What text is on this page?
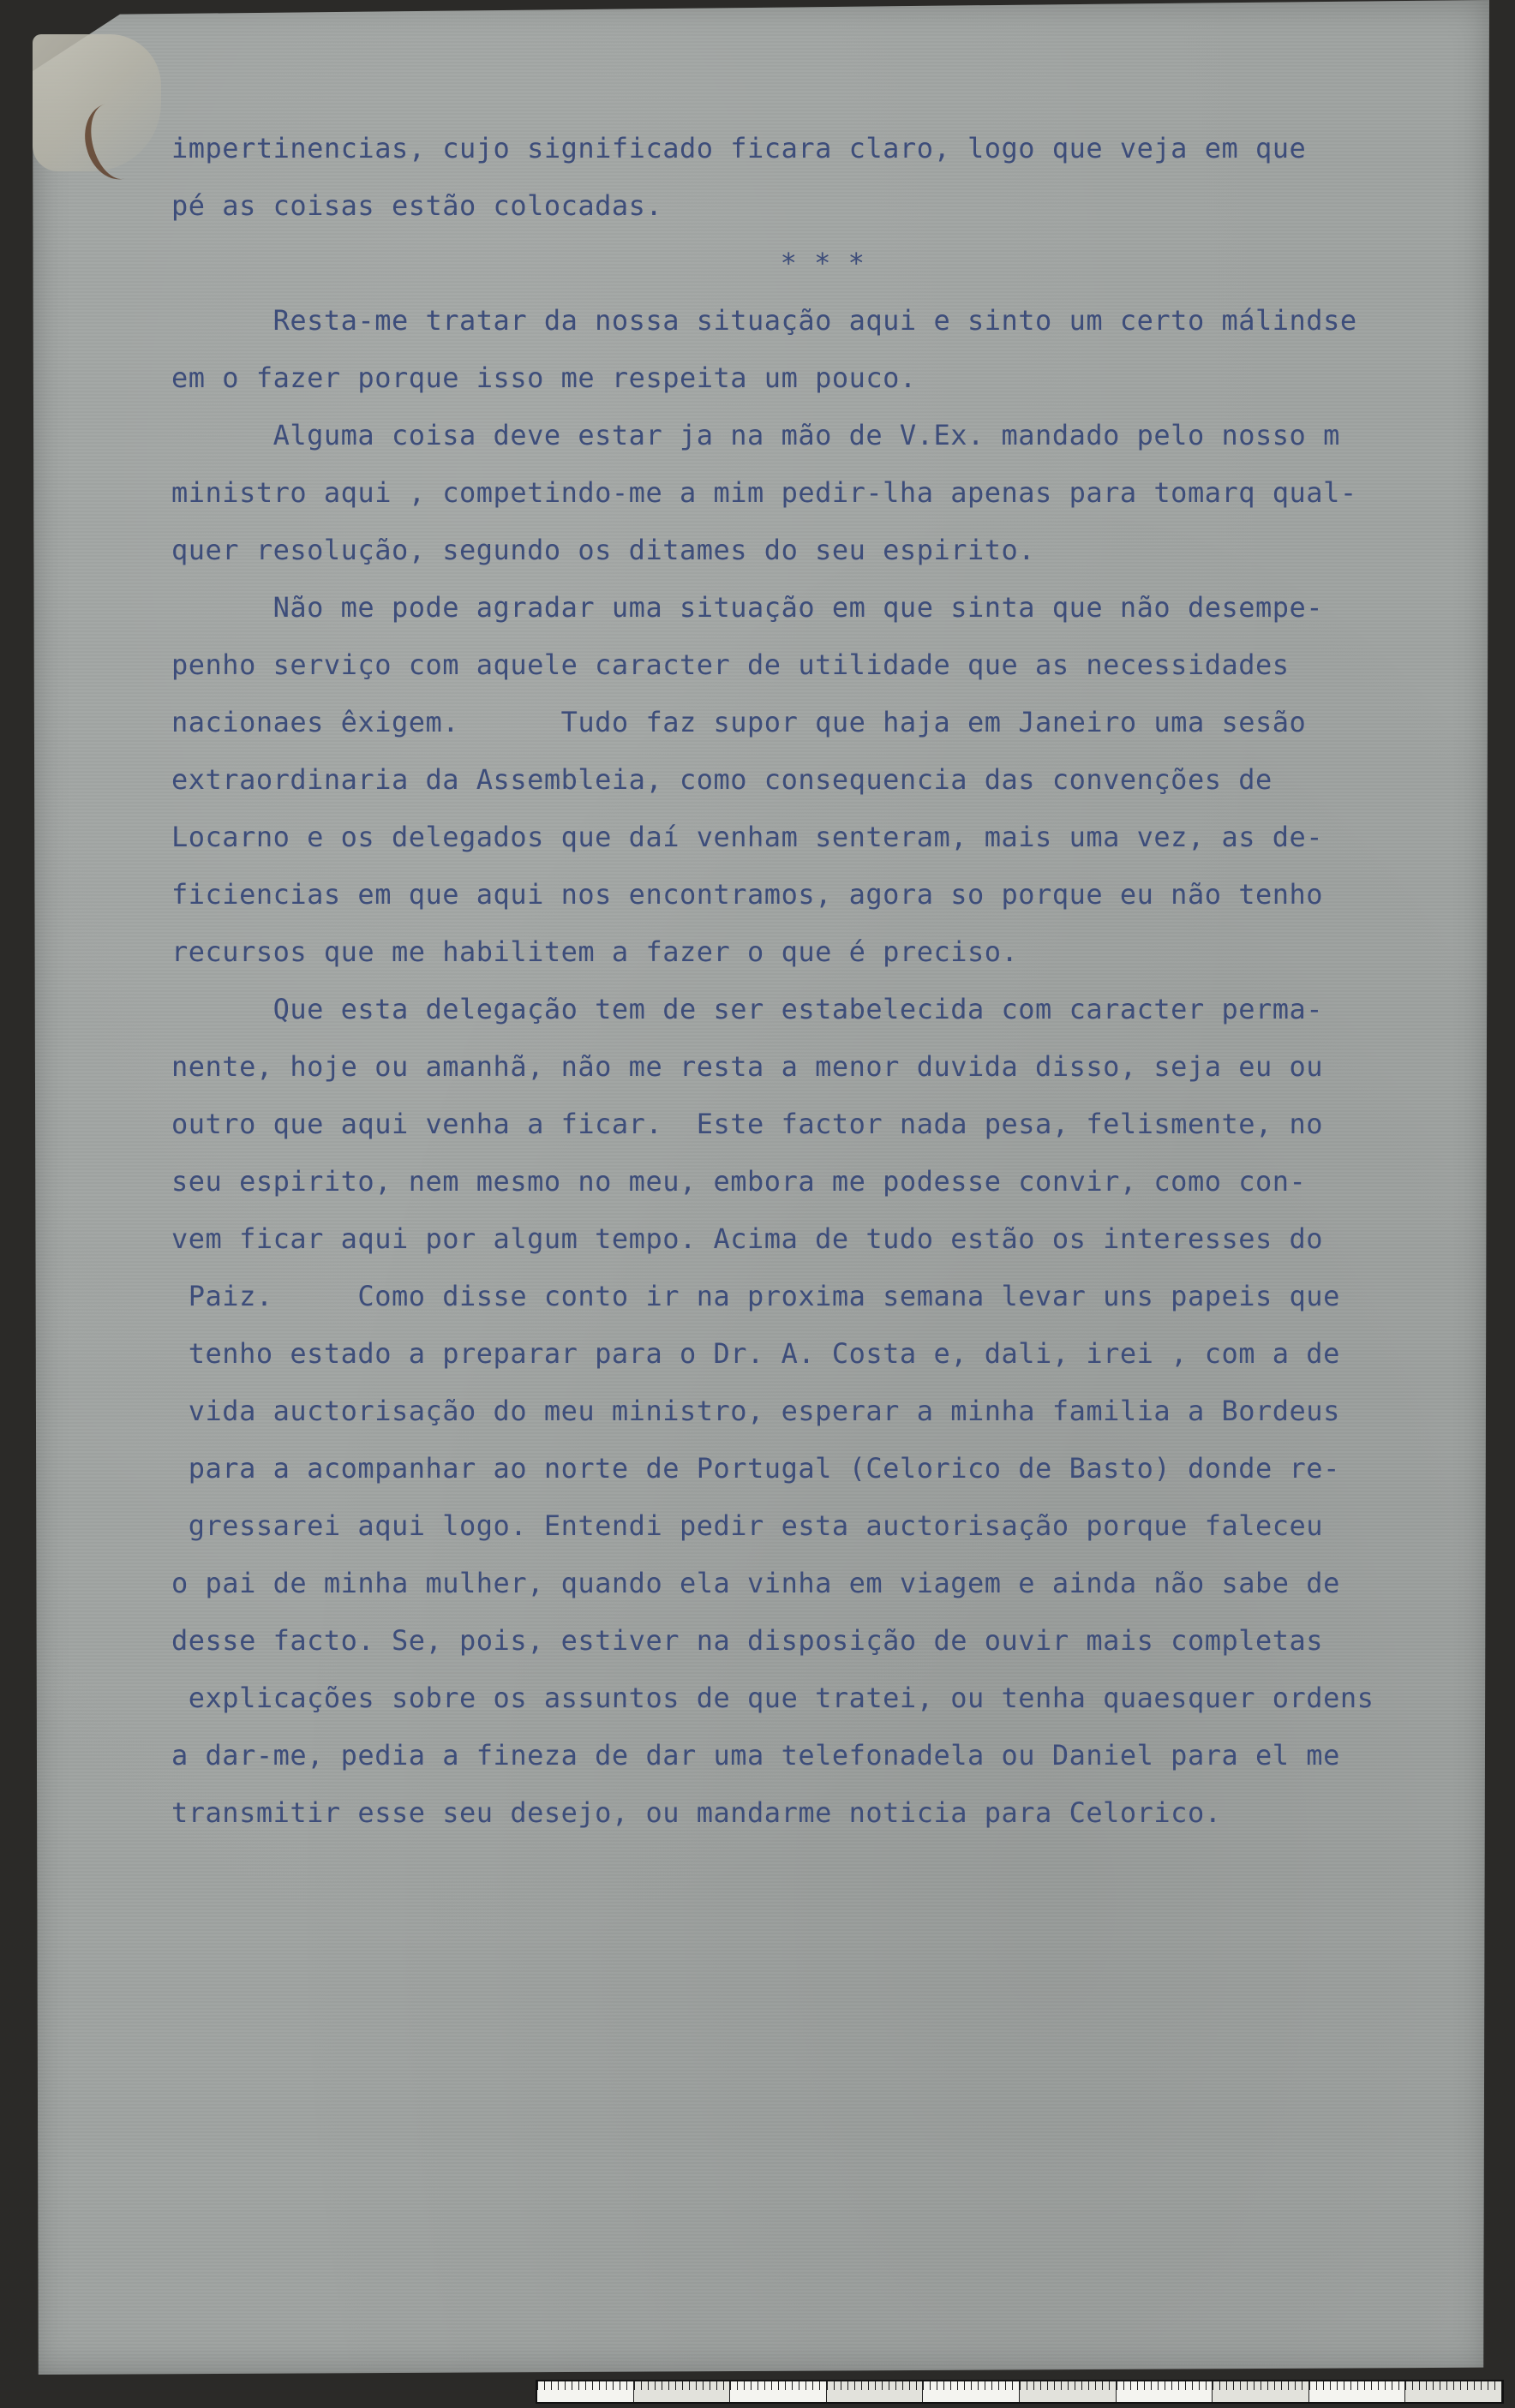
impertinencias, cujo significado ficara claro, logo que veja em que
pé as coisas estão colocadas.
* * *
Resta-me tratar da nossa situação aqui e sinto um certo málindse
em o fazer porque isso me respeita um pouco.
Alguma coisa deve estar ja na mão de V.Ex. mandado pelo nosso m
ministro aqui , competindo-me a mim pedir-lha apenas para tomarq qual-
quer resolução, segundo os ditames do seu espirito.
Não me pode agradar uma situação em que sinta que não desempe-
penho serviço com aquele caracter de utilidade que as necessidades
nacionaes êxigem.      Tudo faz supor que haja em Janeiro uma sesão
extraordinaria da Assembleia, como consequencia das convenções de
Locarno e os delegados que daí venham senteram, mais uma vez, as de-
ficiencias em que aqui nos encontramos, agora so porque eu não tenho
recursos que me habilitem a fazer o que é preciso.
Que esta delegação tem de ser estabelecida com caracter perma-
nente, hoje ou amanhã, não me resta a menor duvida disso, seja eu ou
outro que aqui venha a ficar.  Este factor nada pesa, felismente, no
seu espirito, nem mesmo no meu, embora me podesse convir, como con-
vem ficar aqui por algum tempo. Acima de tudo estão os interesses do
Paiz.     Como disse conto ir na proxima semana levar uns papeis que
tenho estado a preparar para o Dr. A. Costa e, dali, irei , com a de
vida auctorisação do meu ministro, esperar a minha familia a Bordeus
para a acompanhar ao norte de Portugal (Celorico de Basto) donde re-
gressarei aqui logo. Entendi pedir esta auctorisação porque faleceu
o pai de minha mulher, quando ela vinha em viagem e ainda não sabe de
desse facto. Se, pois, estiver na disposição de ouvir mais completas
explicações sobre os assuntos de que tratei, ou tenha quaesquer ordens
a dar-me, pedia a fineza de dar uma telefonadela ou Daniel para el me
transmitir esse seu desejo, ou mandarme noticia para Celorico.
